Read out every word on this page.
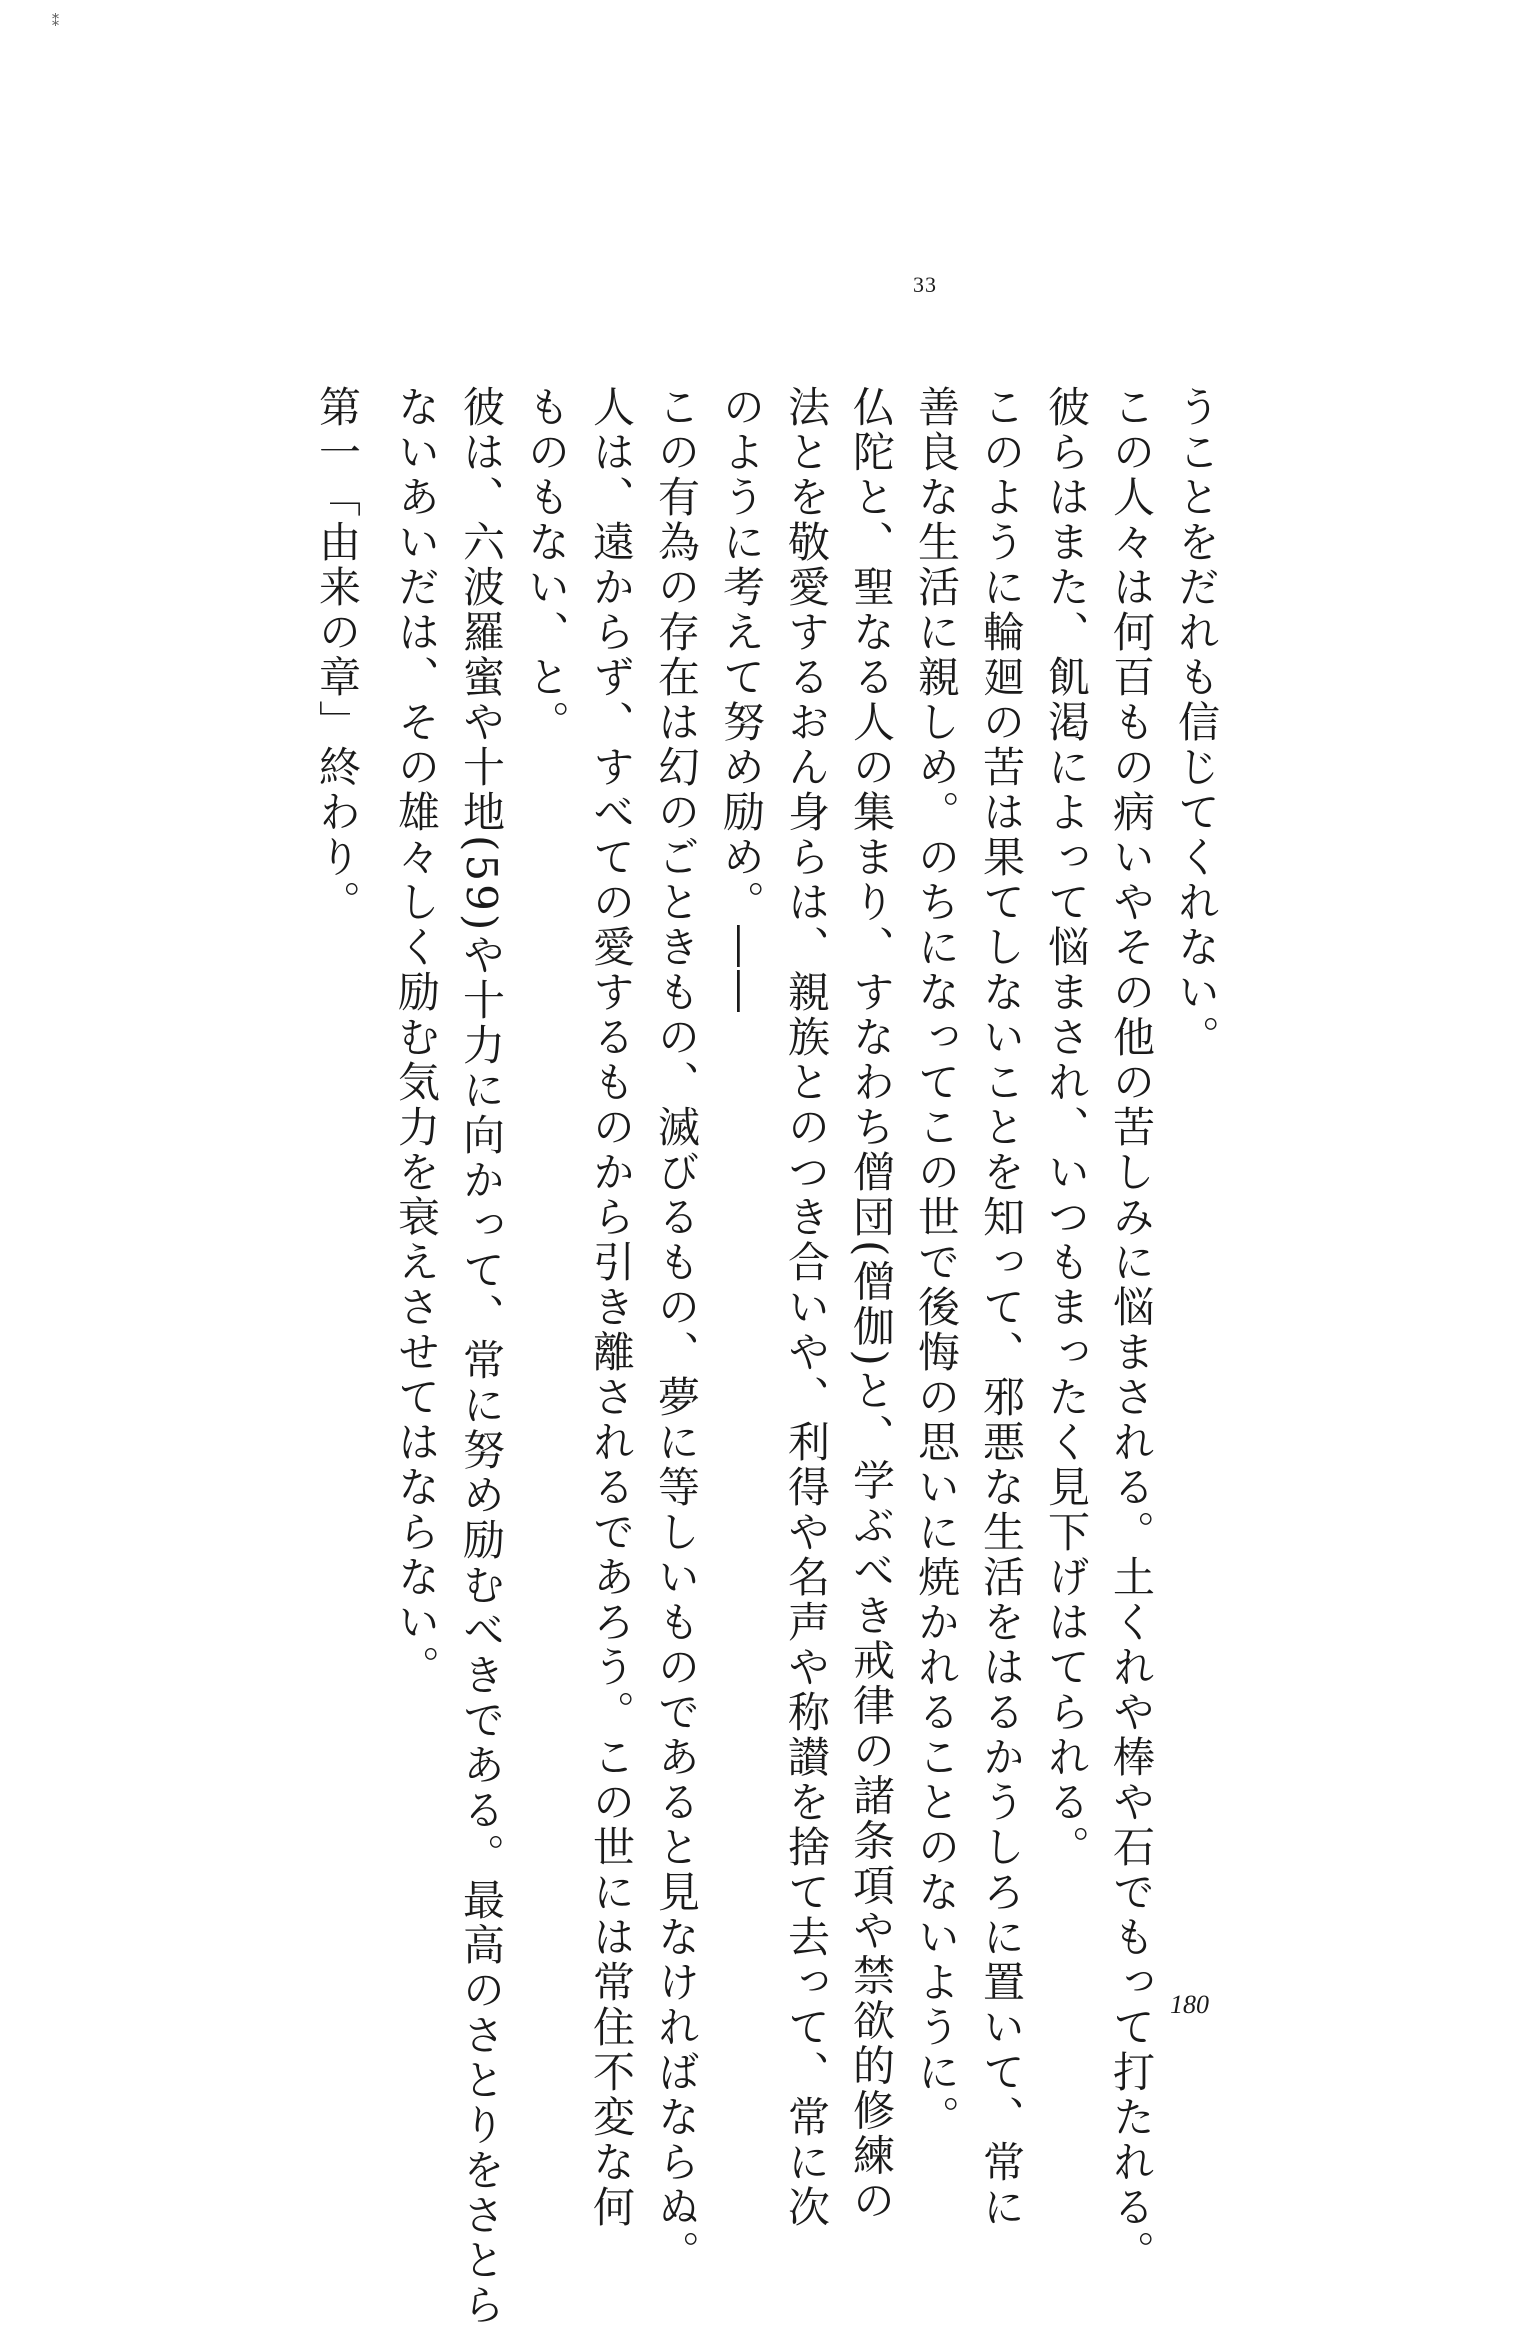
⁑
33

うことをだれも信じてくれない。

この人々は何百もの病いやその他の苦しみに悩まされる。土くれや棒や石でもって打たれる。

彼らはまた、飢渇によって悩まされ、いつもまったく見下げはてられる。

このように輪廻の苦は果てしないことを知って、邪悪な生活をはるかうしろに置いて、常に

善良な生活に親しめ。のちになってこの世で後悔の思いに焼かれることのないように。

仏陀と、聖なる人の集まり、すなわち僧団(僧伽)と、学ぶべき戒律の諸条項や禁欲的修練の

法とを敬愛するおん身らは、親族とのつき合いや、利得や名声や称讃を捨て去って、常に次

のように考えて努め励め。――

この有為の存在は幻のごときもの、滅びるもの、夢に等しいものであると見なければならぬ。

人は、遠からず、すべての愛するものから引き離されるであろう。この世には常住不変な何

ものもない、と。

彼は、六波羅蜜や十地(59)や十力に向かって、常に努め励むべきである。最高のさとりをさとら

ないあいだは、その雄々しく励む気力を衰えさせてはならない。

第一「由来の章」終わり。
180
